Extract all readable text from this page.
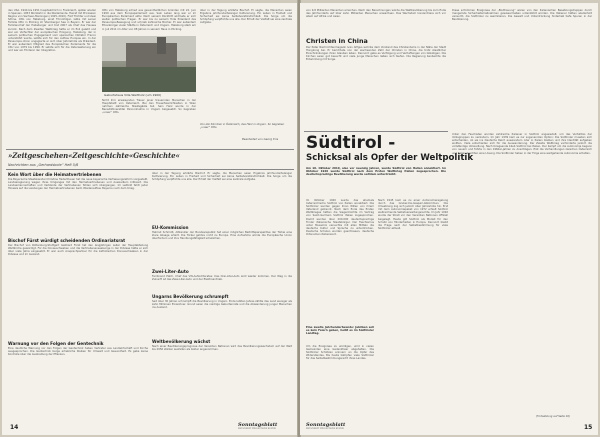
den USA. 1944 bis 1951 hauptsächlich in Frankreich, später wieder in Spanien. 1953 Rückkehr in die Niederlande. Heirat mit Prinzessin Regina von Sachsen-Meiningen (1925–2010). Fünf Töchter und zwei Söhne. Otto von Habsburg, einst Thronfolger, lebte mit seiner Familie Otto in Pöcking im Starnberger See in Bayern. Er war der Familienchef der Habsburger und trat 2007 als Chef des Hauses zurück. Nach dem Zweiten Weltkrieg hatte er im Exil gelebt und war ein Verfechter der europäischen Einigung. Habsburg, der in seinem politischen Engagement vom spanischen Diktator Franco unterstützt wurde, setzte sich für den Aufbau Europas ein. In der Paneuropa-Union engagierte er sich über Jahrzehnte als Präsident. Er war außerdem Mitglied des Europäischen Parlaments für die CSU von 1979 bis 1999. Er setzte sich für die Osterweiterung ein und war ein Förderer der Integration.
Otto von Habsburg schied aus gesundheitlichen Gründen mit 22. Juni 1999 aus dem Europaparlament aus. Sein Leben lang war er im Europäischen Parlament aktiv. Nach seinem Rücktritt widmete er sich weiter politischen Fragen. Er war bis zu seinem Tode Präsident des Paneuropa-Bewegung und schrieb zahlreiche Bücher. Er war außerdem Ehrenbürger vieler Städte in Österreich und Ungarn. Habsburg starb am 4. Juli 2011 im Alter von 98 Jahren in seinem Haus in Pöcking.
Geburtshaus Villa Wartholz (um 1900)
Nicht ihm erweisenden Trauer jener trauernden Menschen in der Hauptstadt von Österreich. Bei den Trauerfeierlichkeiten in Wien nahmen zahlreiche Staatsgäste teil. Sein Herz wurde in der Benediktinerabtei Pannonhalma in Ungarn beigesetzt. So begraben „unser“ Otto.
über in der Tagung erklärte Bischof. Er sagte, die Menschen seien Ergebnis jahrhundertelanger Kultivierung. Ein Leben in Freiheit und Sicherheit sei keine Selbstverständlichkeit. Die Sorge um die Schöpfung verpflichte uns alle. Der Erhalt der Vielfalt sei eine zentrale Aufgabe.
Von der Kärntner in Österreich, das Herz in Ungarn. So begraben „unser“ Otto.
Bearbeitet von Georg Kris
»Zeitgeschehen«Zeitgeschichte«Geschichte«
Nachrichten aus „Gerhardsbote“ Heft 5/6
Kein Wort über die Heimatvertriebenen
Die Bayerische Staatskanzlei Christine Haderthauer hat die neue bayerische Verfassungsreform vorgestellt. Landesregierung wegen ihres Umganges mit den Heimatvertriebenen und Aussiedlern kritisiert. Die Landesmannschaften und Verbände der Vertriebenen fühlen sich übergangen. Im Leitbild fehlt jeder Hinweis auf die Leistungen der Heimatvertriebenen beim Wiederaufbau Bayerns nach dem Krieg.
Bischof Fürst würdigt scheidenden Ordinariatsrat
Der Bischof von Rottenburg-Stuttgart Gebhard Fürst hat den langjährigen Leiter der Hauptabteilung Weltkirche gewürdigt. Für die Donauschwaben und die Vertriebenenseelsorge in der Diözese hatte er sich über viele Jahre eingesetzt. Er war auch Ansprechpartner für die katholischen Donauschwaben in der Diözese und im Ausland.
Warnung vor den Folgen der Gentechnik
Eine deutliche Warnung vor den Folgen der Gentechnik haben Vertreter aus Landwirtschaft und Kirche ausgesprochen. Die Gentechnik berge erhebliche Risiken für Umwelt und Gesundheit. Es gebe keine Kontrolle über die Ausbreitung der Pflanzen.
über in der Tagung erklärte Bischof. Er sagte, die Menschen seien Ergebnis jahrhundertelanger Kultivierung. Ein Leben in Freiheit und Sicherheit sei keine Selbstverständlichkeit. Die Sorge um die Schöpfung verpflichte uns alle. Der Erhalt der Vielfalt sei eine zentrale Aufgabe.
EU-Kommission
Helmut Schmidt, Altkanzler der Bundesrepublik hat einer möglichen Beitrittsperspektive der Türkei eine klare Absage erteilt. Die Türkei gehöre nicht zu Europa. Eine Aufnahme würde die Europäische Union überfordern und ihre Handlungsfähigkeit schwächen.
Zwei-Liter-Auto
Ferdinand Piëch, Chef des VW-Aufsichtsrates: Das Drei-Liter-Auto wird wieder kommen. Der Weg in die Zukunft ist das Zwei-Liter-Auto und der Elektroantrieb.
Ungarns Bevölkerung schrumpft
Seit über 30 Jahren schrumpft die Bevölkerung in Ungarn. Ende letzten Jahres zählte das Land weniger als zehn Millionen Einwohner. Grund seien die niedrige Geburtenrate und die Abwanderung junger Menschen ins Ausland.
Weltbevölkerung wächst
Nach einer Bevölkerungsprognose der Vereinten Nationen wird das Bevölkerungswachstum auf der Welt bis 2050 stärker ausfallen als bisher angenommen.
14	Sonntagsblatt
ZEITSCHRIFT FÜR DEUTSCHE KULTUR
von 9,8 Milliarden Menschen erreichen. Nach den Berechnungen würde die Weltbevölkerung bis zum Ende des Jahrhunderts auf über zehn Milliarden Menschen anwachsen. Das Wachstum konzentriere sich vor allem auf Afrika und Asien.
Christen in China
Der Pater Nachrichtenmagazin Ivan Alfigus wohnte dem Vorstand des Christentums in der Nähe der Stadt Hongkong bei. Er berichtete von der wachsenden Zahl der Christen in China, die trotz staatlicher Einschränkungen ihren Glauben leben. Dennoch gebe es Verfolgung und Verhaftungen von Gläubigen. Die Kirchen seien gut besucht und viele junge Menschen ließen sich taufen. Die Regierung beobachte die Entwicklung mit Sorge.
Diese schlimmen Ereignisse der „Bluttrauung“ waren von den italienischen Besatzungstruppen durch mangelnde Sicherheitsmaßnahmen gewissermaßen unterstützt worden. Die Italiener hatten wiederholt versucht, die Südtiroler zu assimilieren. Die Gewalt und Unterdrückung hinterließ tiefe Spuren in der Bevölkerung.
Südtirol -
Schicksal als Opfer der Weltpolitik
Am 10. Oktober 2010, also vor neunzig Jahren, wurde Südtirol von Italien annektiert. Im Oktober 1920 wurde Südtirol nach dem Ersten Weltkrieg Italien zugesprochen. Die deutschsprachige Bevölkerung wurde seitdem unterdrückt.
Im Oktober 1920 wurde das ehemals österreichische Südtirol von Italien annektiert. Die Südtiroler wurden gegen ihren Willen von ihrem Vaterland getrennt. Nach dem Ende des Ersten Weltkrieges hatten die Siegermächte im Vertrag von Saint-Germain Südtirol Italien zugesprochen. Damit wurden über 200.000 deutschsprachige Tiroler italienische Staatsbürger. Der Faschismus unter Mussolini versuchte mit allen Mitteln die deutsche Kultur und Sprache zu unterdrücken. Deutsche Schulen wurden geschlossen, deutsche Ortsnamen italianisiert.
Eine zweite Jahrhundertwende: Jubiläen soll es kein Feiern geben, heißt es im Südtiroler Landtag.
Um die Ereignisse zu würdigen, wird in vielen Gemeinden eine Gedenkfeier abgehalten. Die Südtiroler Schützen erinnern an die Opfer des Widerstandes. Bis heute kämpfen viele Südtiroler für das Selbstbestimmungsrecht ihres Landes.
Nach 1945 kam es zu einer Autonomieregelung durch das Gruber-De-Gasperi-Abkommen. Die Umsetzung zog sich jedoch über Jahrzehnte hin. Erst mit dem Autonomiepaket von 1972 erhielt Südtirol weitreichende Selbstverwaltungsrechte. Im Jahr 1992 wurde der Streit vor den Vereinten Nationen offiziell beigelegt. Heute gilt Südtirol als Modell für den Schutz von Minderheiten in Europa. Dennoch bleibt die Frage nach der Selbstbestimmung für viele Südtiroler aktuell.
Unter den Faschisten wurden zahlreiche Italiener in Südtirol angesiedelt, um das Verhältnis der Volksgruppen zu verändern. Im Jahr 1939 kam es zur sogenannten Option: Die Südtiroler mussten sich entscheiden, ob sie ins Deutsche Reich auswandern oder in Italien bleiben und ihre Identität aufgeben wollten. Viele entschieden sich für die Auswanderung. Der Zweite Weltkrieg verhinderte jedoch die vollständige Umsiedlung. Nach Kriegsende blieb Südtirol bei Italien. Der Kampf um die Autonomie begann von neuem und führte in den 1960er-Jahren zu Anschlägen. Erst die Verhandlungen zwischen Österreich und Italien brachten eine Lösung. Die Südtiroler haben in der Folge eine weitgehende Autonomie erhalten.
(Fortsetzung auf Seite 16)
Sonntagsblatt
ZEITSCHRIFT FÜR DEUTSCHE KULTUR	15
